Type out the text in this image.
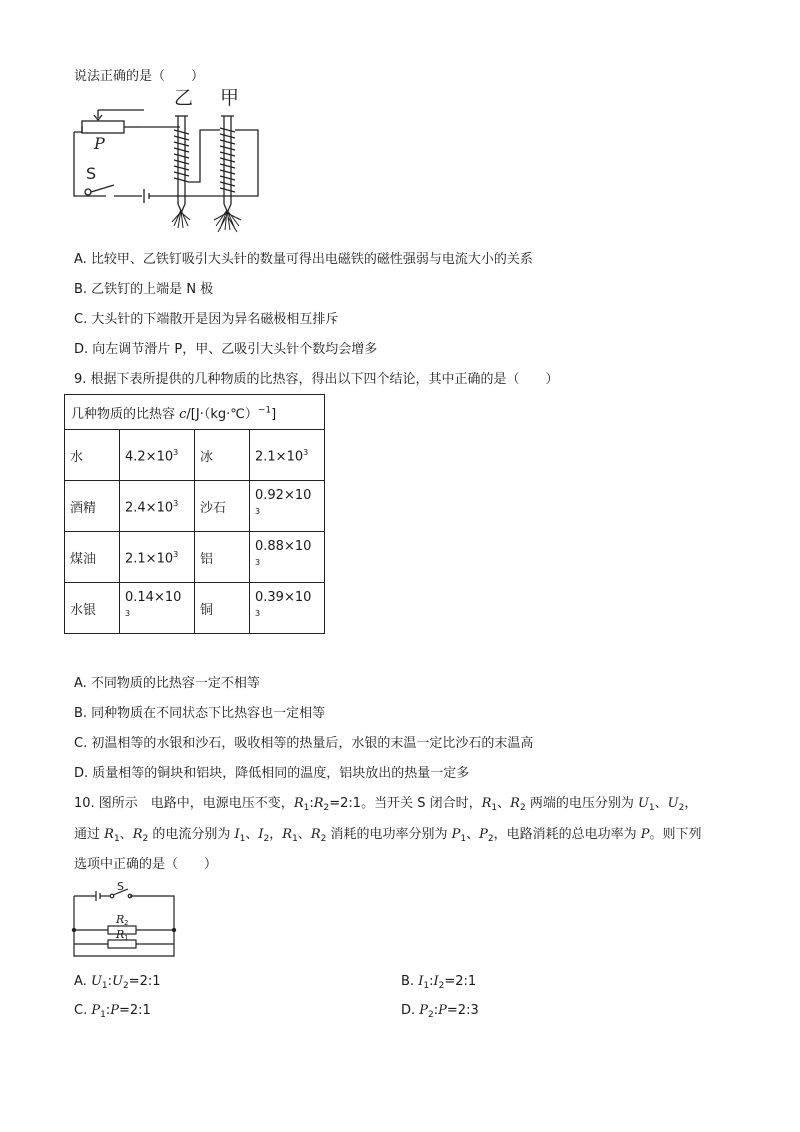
说法正确的是（　　）
乙 甲
P
S
A. 比较甲、乙铁钉吸引大头针的数量可得出电磁铁的磁性强弱与电流大小的关系
B. 乙铁钉的上端是 N 极
C. 大头针的下端散开是因为异名磁极相互排斥
D. 向左调节滑片 P，甲、乙吸引大头针个数均会增多
9. 根据下表所提供的几种物质的比热容，得出以下四个结论，其中正确的是（　　）
几种物质的比热容 c/[J·（kg·℃）$^{-1}$]			
水	$4.2\times 10^3$	冰	$2.1\times 10^3$

酒精	$2.4\times 10^3$	沙石	$0.92\times 10^3$

煤油	$2.1\times 10^3$	铝	$0.88\times 10^3$

水银	$0.14\times 10^3$	铜	$0.39\times 10^3$
A. 不同物质的比热容一定不相等
B. 同种物质在不同状态下比热容也一定相等
C. 初温相等的水银和沙石，吸收相等的热量后，水银的末温一定比沙石的末温高
D. 质量相等的铜块和铝块，降低相同的温度，铝块放出的热量一定多
10. 图所示　电路中，电源电压不变，$R_1:R_2=2:1$。当开关 S 闭合时，$R_1$、$R_2$ 两端的电压分别为 $U_1$、$U_2$，
通过 $R_1$、$R_2$ 的电流分别为 $I_1$、$I_2$，$R_1$、$R_2$ 消耗的电功率分别为 $P_1$、$P_2$，电路消耗的总电功率为 P。则下列
选项中正确的是（　　）
S
R 2
R 1
A. $U_1:U_2=2:1$	B. $I_1:I_2=2:1$
C. $P_1:P=2:1$	D. $P_2:P=2:3$
